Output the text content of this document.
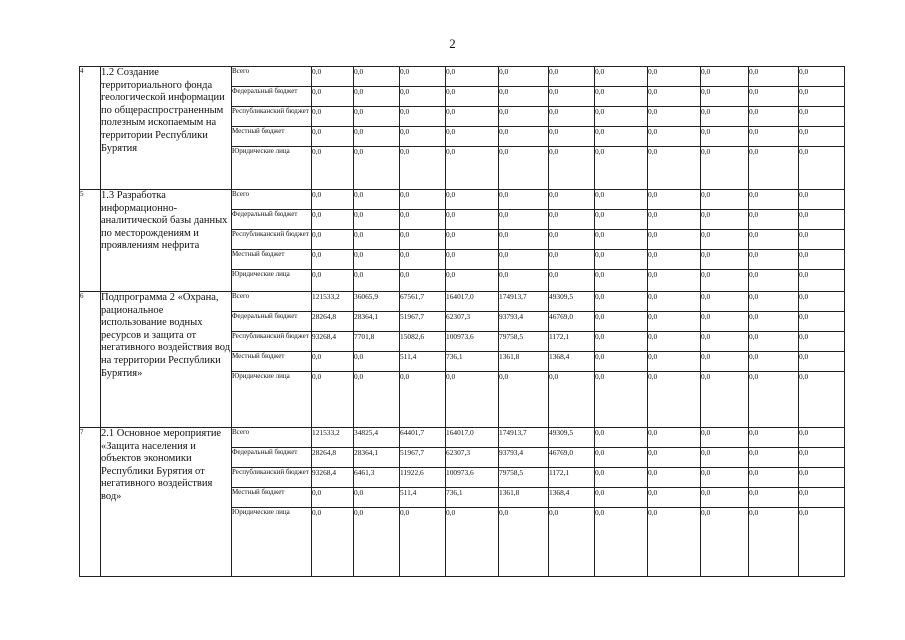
2
4	1.2 Создание территориального фонда геологической информации по общераспространенным полезным ископаемым на территории Республики Бурятия	Всего	0,0	0,0	0,0	0,0	0,0	0,0	0,0	0,0	0,0	0,0	0,0
		Федеральный бюджет	0,0	0,0	0,0	0,0	0,0	0,0	0,0	0,0	0,0	0,0	0,0
		Республиканский бюджет	0,0	0,0	0,0	0,0	0,0	0,0	0,0	0,0	0,0	0,0	0,0
		Местный бюджет	0,0	0,0	0,0	0,0	0,0	0,0	0,0	0,0	0,0	0,0	0,0
		Юридические лица	0,0	0,0	0,0	0,0	0,0	0,0	0,0	0,0	0,0	0,0	0,0
5	1.3 Разработка информационно-аналитической базы данных по месторождениям и проявлениям нефрита	Всего	0,0	0,0	0,0	0,0	0,0	0,0	0,0	0,0	0,0	0,0	0,0
		Федеральный бюджет	0,0	0,0	0,0	0,0	0,0	0,0	0,0	0,0	0,0	0,0	0,0
		Республиканский бюджет	0,0	0,0	0,0	0,0	0,0	0,0	0,0	0,0	0,0	0,0	0,0
		Местный бюджет	0,0	0,0	0,0	0,0	0,0	0,0	0,0	0,0	0,0	0,0	0,0
		Юридические лица	0,0	0,0	0,0	0,0	0,0	0,0	0,0	0,0	0,0	0,0	0,0
6	Подпрограмма 2 «Охрана, рациональное использование водных ресурсов и защита от негативного воздействия вод на территории Республики Бурятия»	Всего	121533,2	36065,9	67561,7	164017,0	174913,7	49309,5	0,0	0,0	0,0	0,0	0,0
		Федеральный бюджет	28264,8	28364,1	51967,7	62307,3	93793,4	46769,0	0,0	0,0	0,0	0,0	0,0
		Республиканский бюджет	93268,4	7701,8	15082,6	100973,6	79758,5	1172,1	0,0	0,0	0,0	0,0	0,0
		Местный бюджет	0,0	0,0	511,4	736,1	1361,8	1368,4	0,0	0,0	0,0	0,0	0,0
		Юридические лица	0,0	0,0	0,0	0,0	0,0	0,0	0,0	0,0	0,0	0,0	0,0
7	2.1 Основное мероприятие «Защита населения и объектов экономики Республики Бурятия от негативного воздействия вод»	Всего	121533,2	34825,4	64401,7	164017,0	174913,7	49309,5	0,0	0,0	0,0	0,0	0,0
		Федеральный бюджет	28264,8	28364,1	51967,7	62307,3	93793,4	46769,0	0,0	0,0	0,0	0,0	0,0
		Республиканский бюджет	93268,4	6461,3	11922,6	100973,6	79758,5	1172,1	0,0	0,0	0,0	0,0	0,0
		Местный бюджет	0,0	0,0	511,4	736,1	1361,8	1368,4	0,0	0,0	0,0	0,0	0,0
		Юридические лица	0,0	0,0	0,0	0,0	0,0	0,0	0,0	0,0	0,0	0,0	0,0
